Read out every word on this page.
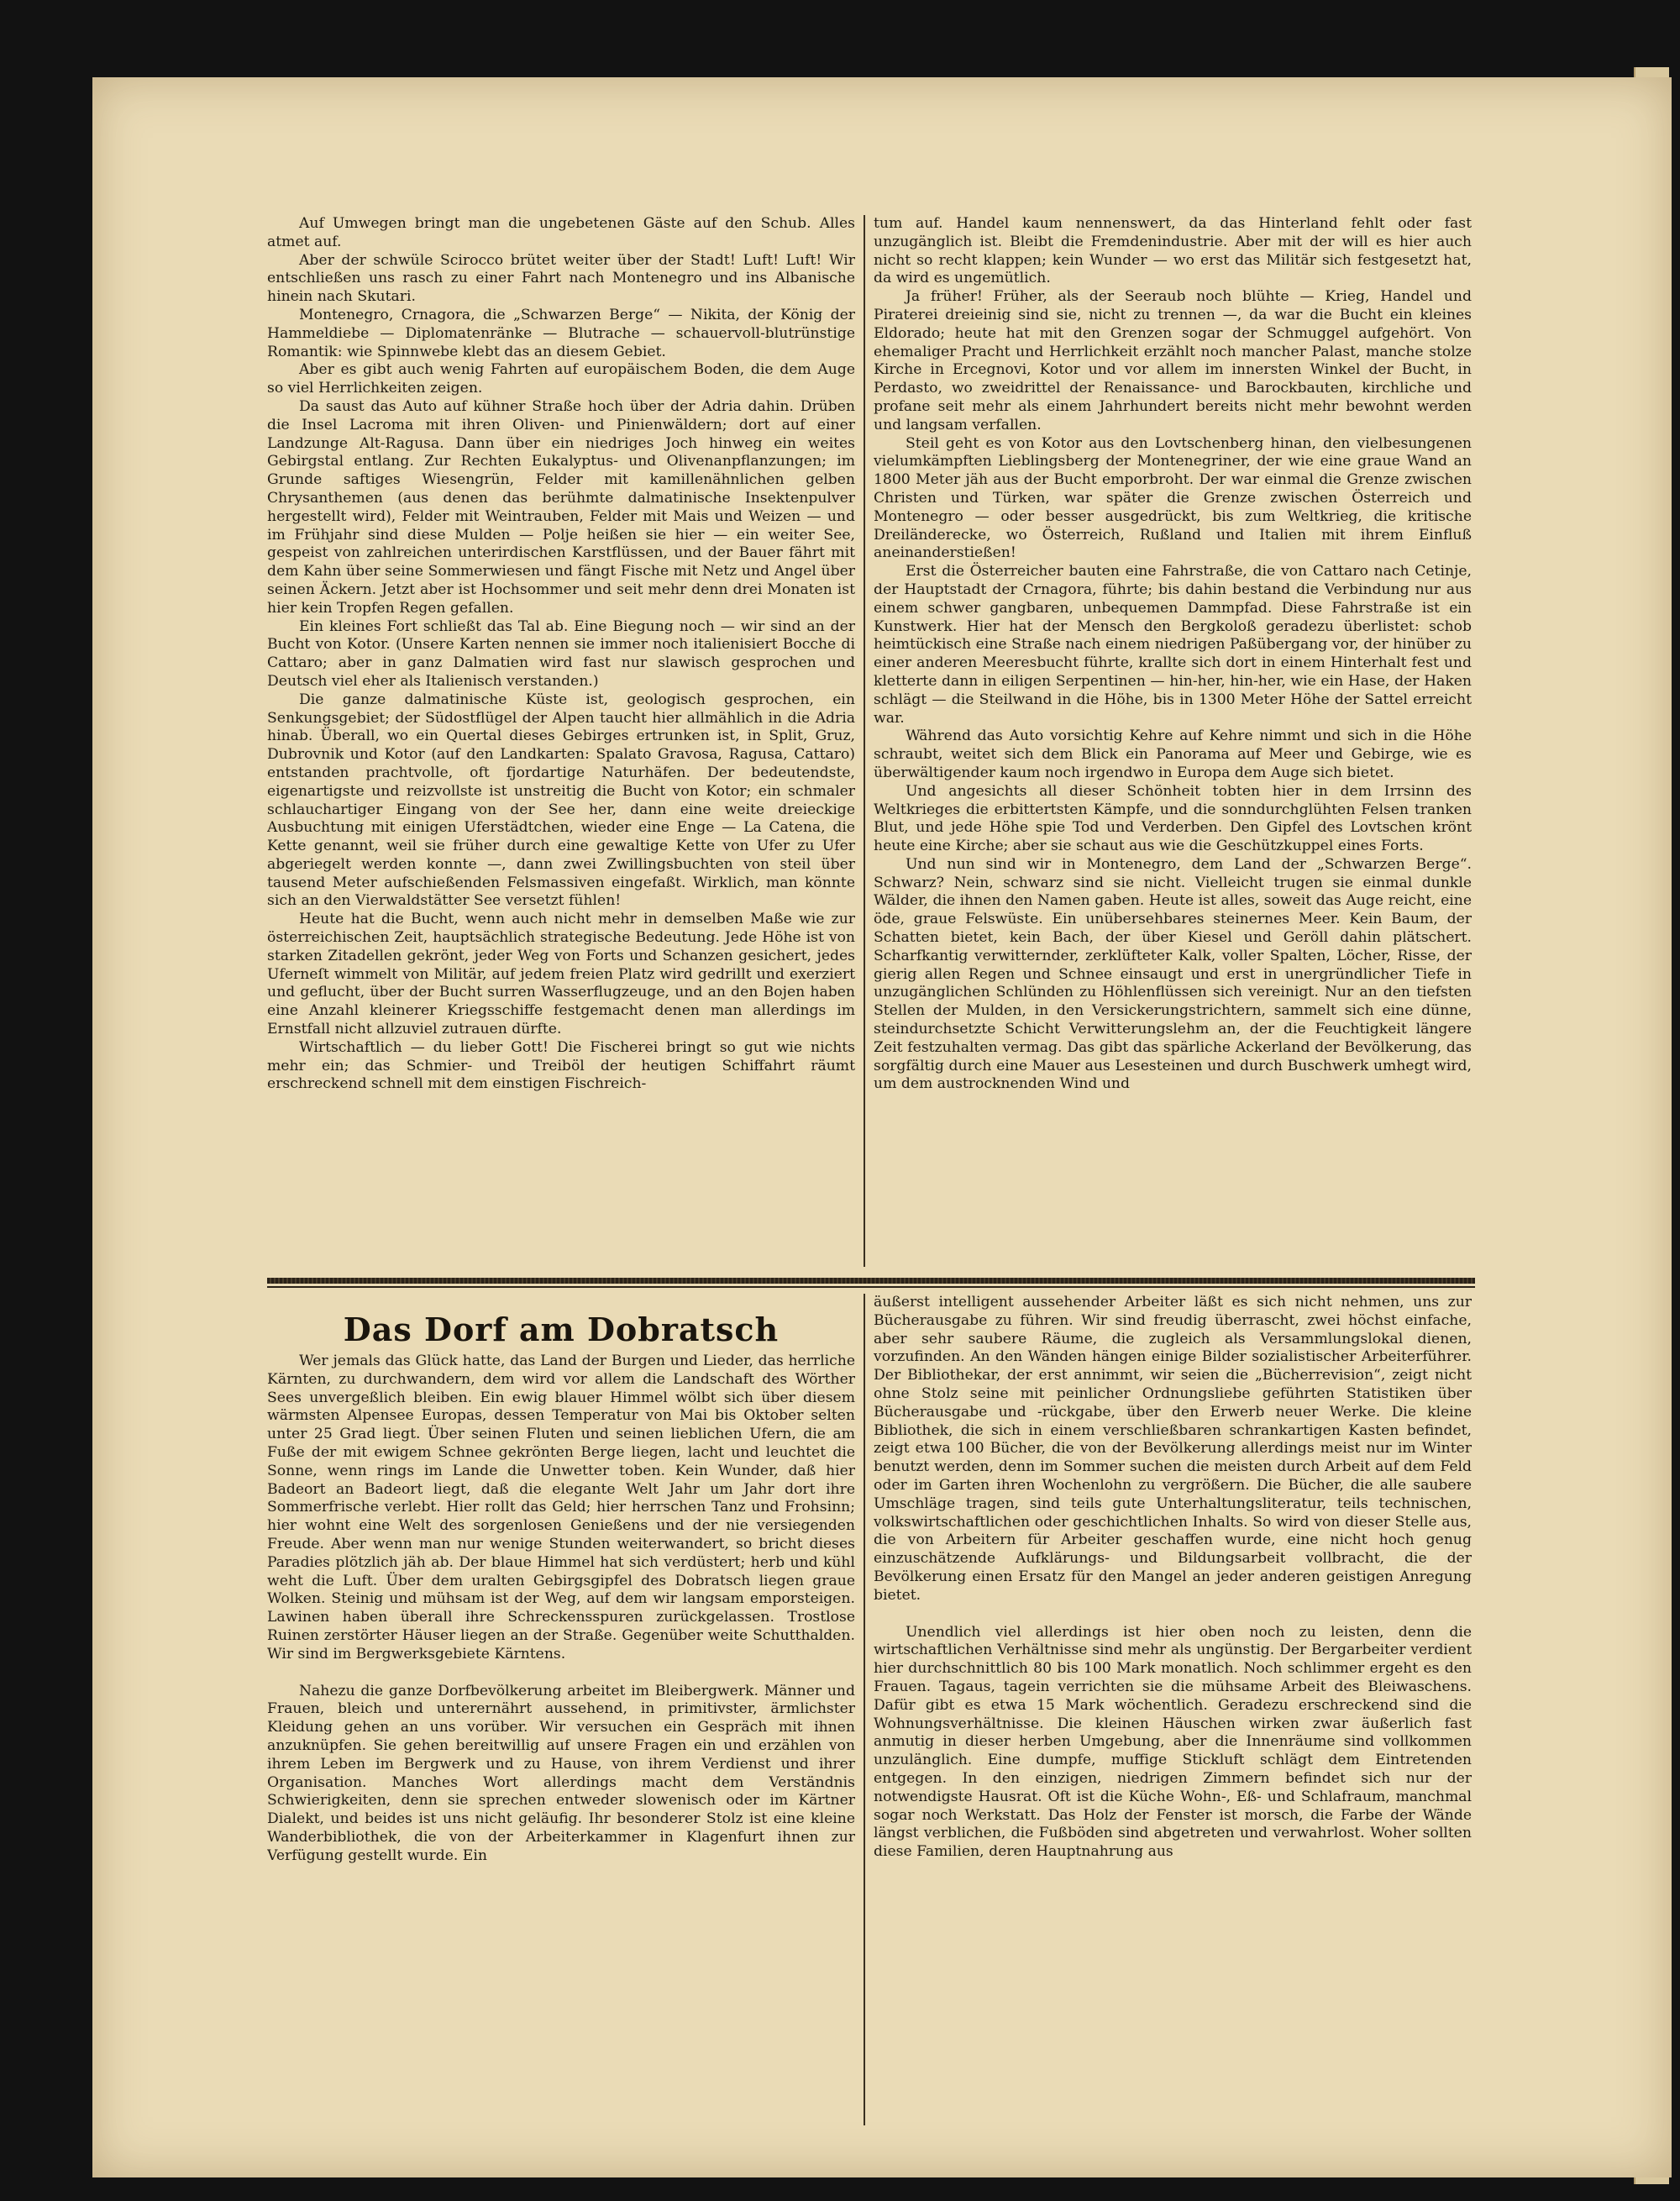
Auf Umwegen bringt man die ungebetenen Gäste auf den Schub. Alles atmet auf.

Aber der schwüle Scirocco brütet weiter über der Stadt! Luft! Luft! Wir entschließen uns rasch zu einer Fahrt nach Montenegro und ins Albanische hinein nach Skutari.

Montenegro, Crnagora, die „Schwarzen Berge“ — Nikita, der König der Hammeldiebe — Diplomatenränke — Blutrache — schauervoll-blutrünstige Romantik: wie Spinnwebe klebt das an diesem Gebiet.

Aber es gibt auch wenig Fahrten auf europäischem Boden, die dem Auge so viel Herrlichkeiten zeigen.

Da saust das Auto auf kühner Straße hoch über der Adria dahin. Drüben die Insel Lacroma mit ihren Oliven- und Pinienwäldern; dort auf einer Landzunge Alt-Ragusa. Dann über ein niedriges Joch hinweg ein weites Gebirgstal entlang. Zur Rechten Eukalyptus- und Olivenanpflanzungen; im Grunde saftiges Wiesengrün, Felder mit kamillenähnlichen gelben Chrysanthemen (aus denen das berühmte dalmatinische Insektenpulver hergestellt wird), Felder mit Weintrauben, Felder mit Mais und Weizen — und im Frühjahr sind diese Mulden — Polje heißen sie hier — ein weiter See, gespeist von zahlreichen unterirdischen Karstflüssen, und der Bauer fährt mit dem Kahn über seine Sommerwiesen und fängt Fische mit Netz und Angel über seinen Äckern. Jetzt aber ist Hochsommer und seit mehr denn drei Monaten ist hier kein Tropfen Regen gefallen.

Ein kleines Fort schließt das Tal ab. Eine Biegung noch — wir sind an der Bucht von Kotor. (Unsere Karten nennen sie immer noch italienisiert Bocche di Cattaro; aber in ganz Dalmatien wird fast nur slawisch gesprochen und Deutsch viel eher als Italienisch verstanden.)

Die ganze dalmatinische Küste ist, geologisch gesprochen, ein Senkungsgebiet; der Südostflügel der Alpen taucht hier allmählich in die Adria hinab. Überall, wo ein Quertal dieses Gebirges ertrunken ist, in Split, Gruz, Dubrovnik und Kotor (auf den Landkarten: Spalato Gravosa, Ragusa, Cattaro) entstanden prachtvolle, oft fjordartige Naturhäfen. Der bedeutendste, eigenartigste und reizvollste ist unstreitig die Bucht von Kotor; ein schmaler schlauchartiger Eingang von der See her, dann eine weite dreieckige Ausbuchtung mit einigen Uferstädtchen, wieder eine Enge — La Catena, die Kette genannt, weil sie früher durch eine gewaltige Kette von Ufer zu Ufer abgeriegelt werden konnte —, dann zwei Zwillingsbuchten von steil über tausend Meter aufschießenden Felsmassiven eingefaßt. Wirklich, man könnte sich an den Vierwaldstätter See versetzt fühlen!

Heute hat die Bucht, wenn auch nicht mehr in demselben Maße wie zur österreichischen Zeit, hauptsächlich strategische Bedeutung. Jede Höhe ist von starken Zitadellen gekrönt, jeder Weg von Forts und Schanzen gesichert, jedes Uferneſt wimmelt von Militär, auf jedem freien Platz wird gedrillt und exerziert und geflucht, über der Bucht surren Wasserflugzeuge, und an den Bojen haben eine Anzahl kleinerer Kriegsschiffe festgemacht denen man allerdings im Ernstfall nicht allzuviel zutrauen dürfte.

Wirtschaftlich — du lieber Gott! Die Fischerei bringt so gut wie nichts mehr ein; das Schmier- und Treiböl der heutigen Schiffahrt räumt erschreckend schnell mit dem einstigen Fischreich-

tum auf. Handel kaum nennenswert, da das Hinterland fehlt oder fast unzugänglich ist. Bleibt die Fremdenindustrie. Aber mit der will es hier auch nicht so recht klappen; kein Wunder — wo erst das Militär sich festgesetzt hat, da wird es ungemütlich.

Ja früher! Früher, als der Seeraub noch blühte — Krieg, Handel und Piraterei dreieinig sind sie, nicht zu trennen —, da war die Bucht ein kleines Eldorado; heute hat mit den Grenzen sogar der Schmuggel aufgehört. Von ehemaliger Pracht und Herrlichkeit erzählt noch mancher Palast, manche stolze Kirche in Ercegnovi, Kotor und vor allem im innersten Winkel der Bucht, in Perdasto, wo zweidrittel der Renaissance- und Barockbauten, kirchliche und profane seit mehr als einem Jahrhundert bereits nicht mehr bewohnt werden und langsam verfallen.

Steil geht es von Kotor aus den Lovtschenberg hinan, den vielbesungenen vielumkämpften Lieblingsberg der Montenegriner, der wie eine graue Wand an 1800 Meter jäh aus der Bucht emporbroht. Der war einmal die Grenze zwischen Christen und Türken, war später die Grenze zwischen Österreich und Montenegro — oder besser ausgedrückt, bis zum Weltkrieg, die kritische Dreiländerecke, wo Österreich, Rußland und Italien mit ihrem Einfluß aneinanderstießen!

Erst die Österreicher bauten eine Fahrstraße, die von Cattaro nach Cetinje, der Hauptstadt der Crnagora, führte; bis dahin bestand die Verbindung nur aus einem schwer gangbaren, unbequemen Dammpfad. Diese Fahrstraße ist ein Kunstwerk. Hier hat der Mensch den Bergkoloß geradezu überlistet: schob heimtückisch eine Straße nach einem niedrigen Paßübergang vor, der hinüber zu einer anderen Meeresbucht führte, krallte sich dort in einem Hinterhalt fest und kletterte dann in eiligen Serpentinen — hin-her, hin-her, wie ein Hase, der Haken schlägt — die Steilwand in die Höhe, bis in 1300 Meter Höhe der Sattel erreicht war.

Während das Auto vorsichtig Kehre auf Kehre nimmt und sich in die Höhe schraubt, weitet sich dem Blick ein Panorama auf Meer und Gebirge, wie es überwältigender kaum noch irgendwo in Europa dem Auge sich bietet.

Und angesichts all dieser Schönheit tobten hier in dem Irrsinn des Weltkrieges die erbittertsten Kämpfe, und die sonndurchglühten Felsen tranken Blut, und jede Höhe spie Tod und Verderben. Den Gipfel des Lovtschen krönt heute eine Kirche; aber sie schaut aus wie die Geschützkuppel eines Forts.

Und nun sind wir in Montenegro, dem Land der „Schwarzen Berge“. Schwarz? Nein, schwarz sind sie nicht. Vielleicht trugen sie einmal dunkle Wälder, die ihnen den Namen gaben. Heute ist alles, soweit das Auge reicht, eine öde, graue Felswüste. Ein unübersehbares steinernes Meer. Kein Baum, der Schatten bietet, kein Bach, der über Kiesel und Geröll dahin plätschert. Scharfkantig verwitternder, zerklüfteter Kalk, voller Spalten, Löcher, Risse, der gierig allen Regen und Schnee einsaugt und erst in unergründlicher Tiefe in unzugänglichen Schlünden zu Höhlenflüssen sich vereinigt. Nur an den tiefsten Stellen der Mulden, in den Versickerungstrichtern, sammelt sich eine dünne, steindurchsetzte Schicht Verwitterungslehm an, der die Feuchtigkeit längere Zeit festzuhalten vermag. Das gibt das spärliche Ackerland der Bevölkerung, das sorgfältig durch eine Mauer aus Lesesteinen und durch Buschwerk umhegt wird, um dem austrocknenden Wind und

Das Dorf am Dobratsch

Wer jemals das Glück hatte, das Land der Burgen und Lieder, das herrliche Kärnten, zu durchwandern, dem wird vor allem die Landschaft des Wörther Sees unvergeßlich bleiben. Ein ewig blauer Himmel wölbt sich über diesem wärmsten Alpensee Europas, dessen Temperatur von Mai bis Oktober selten unter 25 Grad liegt. Über seinen Fluten und seinen lieblichen Ufern, die am Fuße der mit ewigem Schnee gekrönten Berge liegen, lacht und leuchtet die Sonne, wenn rings im Lande die Unwetter toben. Kein Wunder, daß hier Badeort an Badeort liegt, daß die elegante Welt Jahr um Jahr dort ihre Sommerfrische verlebt. Hier rollt das Geld; hier herrschen Tanz und Frohsinn; hier wohnt eine Welt des sorgenlosen Genießens und der nie versiegenden Freude. Aber wenn man nur wenige Stunden weiterwandert, so bricht dieses Paradies plötzlich jäh ab. Der blaue Himmel hat sich verdüstert; herb und kühl weht die Luft. Über dem uralten Gebirgsgipfel des Dobratsch liegen graue Wolken. Steinig und mühsam ist der Weg, auf dem wir langsam emporsteigen. Lawinen haben überall ihre Schreckensspuren zurückgelassen. Trostlose Ruinen zerstörter Häuser liegen an der Straße. Gegenüber weite Schutthalden. Wir sind im Bergwerksgebiete Kärntens.

Nahezu die ganze Dorfbevölkerung arbeitet im Bleibergwerk. Männer und Frauen, bleich und unterernährt aussehend, in primitivster, ärmlichster Kleidung gehen an uns vorüber. Wir versuchen ein Gespräch mit ihnen anzuknüpfen. Sie gehen bereitwillig auf unsere Fragen ein und erzählen von ihrem Leben im Bergwerk und zu Hause, von ihrem Verdienst und ihrer Organisation. Manches Wort allerdings macht dem Verständnis Schwierigkeiten, denn sie sprechen entweder slowenisch oder im Kärtner Dialekt, und beides ist uns nicht geläufig. Ihr besonderer Stolz ist eine kleine Wanderbibliothek, die von der Arbeiterkammer in Klagenfurt ihnen zur Verfügung gestellt wurde. Ein

äußerst intelligent aussehender Arbeiter läßt es sich nicht nehmen, uns zur Bücherausgabe zu führen. Wir sind freudig überrascht, zwei höchst einfache, aber sehr saubere Räume, die zugleich als Versammlungslokal dienen, vorzufinden. An den Wänden hängen einige Bilder sozialistischer Arbeiterführer. Der Bibliothekar, der erst annimmt, wir seien die „Bücherrevision“, zeigt nicht ohne Stolz seine mit peinlicher Ordnungsliebe geführten Statistiken über Bücherausgabe und -rückgabe, über den Erwerb neuer Werke. Die kleine Bibliothek, die sich in einem verschließbaren schrankartigen Kasten befindet, zeigt etwa 100 Bücher, die von der Bevölkerung allerdings meist nur im Winter benutzt werden, denn im Sommer suchen die meisten durch Arbeit auf dem Feld oder im Garten ihren Wochenlohn zu vergrößern. Die Bücher, die alle saubere Umschläge tragen, sind teils gute Unterhaltungsliteratur, teils technischen, volkswirtschaftlichen oder geschichtlichen Inhalts. So wird von dieser Stelle aus, die von Arbeitern für Arbeiter geschaffen wurde, eine nicht hoch genug einzuschätzende Aufklärungs- und Bildungsarbeit vollbracht, die der Bevölkerung einen Ersatz für den Mangel an jeder anderen geistigen Anregung bietet.

Unendlich viel allerdings ist hier oben noch zu leisten, denn die wirtschaftlichen Verhältnisse sind mehr als ungünstig. Der Bergarbeiter verdient hier durchschnittlich 80 bis 100 Mark monatlich. Noch schlimmer ergeht es den Frauen. Tagaus, tagein verrichten sie die mühsame Arbeit des Bleiwaschens. Dafür gibt es etwa 15 Mark wöchentlich. Geradezu erschreckend sind die Wohnungsverhältnisse. Die kleinen Häuschen wirken zwar äußerlich fast anmutig in dieser herben Umgebung, aber die Innenräume sind vollkommen unzulänglich. Eine dumpfe, muffige Stickluft schlägt dem Eintretenden entgegen. In den einzigen, niedrigen Zimmern befindet sich nur der notwendigste Hausrat. Oft ist die Küche Wohn-, Eß- und Schlafraum, manchmal sogar noch Werkstatt. Das Holz der Fenster ist morsch, die Farbe der Wände längst verblichen, die Fußböden sind abgetreten und verwahrlost. Woher sollten diese Familien, deren Hauptnahrung aus
